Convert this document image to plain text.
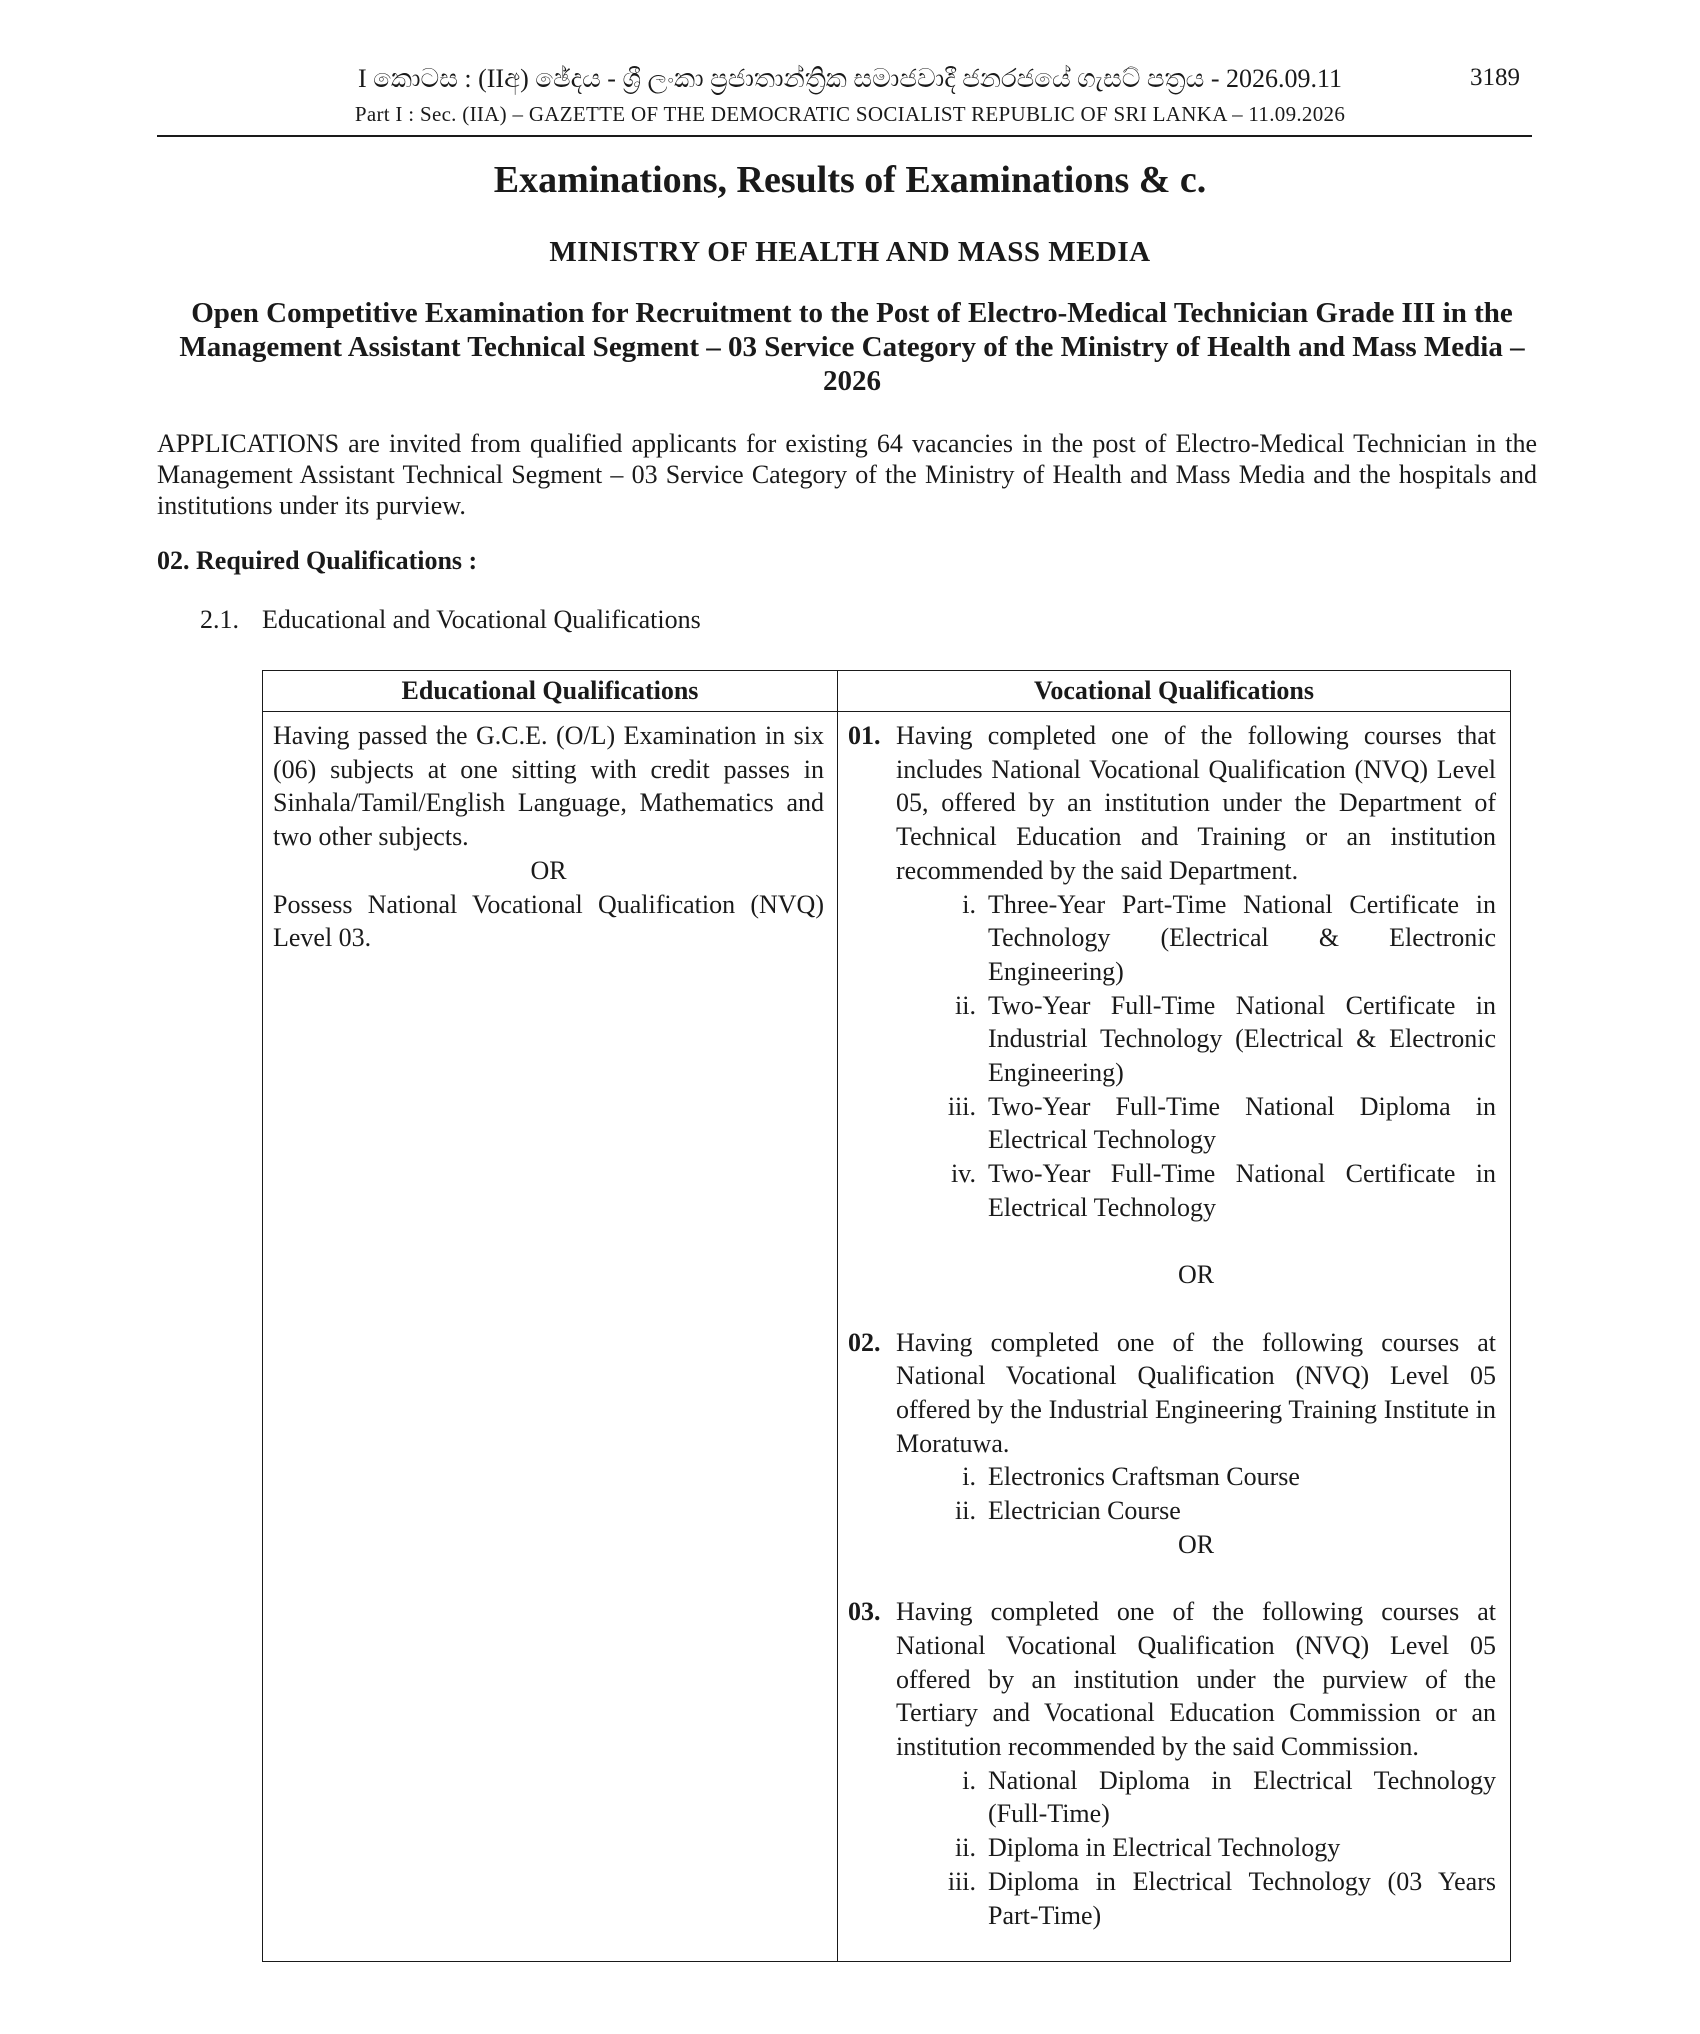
I කොටස : (IIඅ) ඡේදය - ශ්‍රී ලංකා ප්‍රජාතාන්ත්‍රික සමාජවාදී ජනරජයේ ගැසට් පත්‍රය - 2026.09.11
Part I : Sec. (IIA) – GAZETTE OF THE DEMOCRATIC SOCIALIST REPUBLIC OF SRI LANKA – 11.09.2026
3189
Examinations, Results of Examinations & c.
MINISTRY OF HEALTH AND MASS MEDIA
Open Competitive Examination for Recruitment to the Post of Electro-Medical Technician Grade III in the Management Assistant Technical Segment – 03 Service Category of the Ministry of Health and Mass Media – 2026
APPLICATIONS are invited from qualified applicants for existing 64 vacancies in the post of Electro-Medical Technician in the Management Assistant Technical Segment – 03 Service Category of the Ministry of Health and Mass Media and the hospitals and institutions under its purview.
02. Required Qualifications :
2.1. Educational and Vocational Qualifications
Educational Qualifications	Vocational Qualifications
Having passed the G.C.E. (O/L) Examination in six (06) subjects at one sitting with credit passes in Sinhala/Tamil/English Language, Mathematics and two other subjects.
OR
Possess National Vocational Qualification (NVQ) Level 03.
01. Having completed one of the following courses that includes National Vocational Qualification (NVQ) Level 05, offered by an institution under the Department of Technical Education and Training or an institution recommended by the said Department.
i. Three-Year Part-Time National Certificate in Technology (Electrical & Electronic Engineering)
ii. Two-Year Full-Time National Certificate in Industrial Technology (Electrical & Electronic Engineering)
iii. Two-Year Full-Time National Diploma in Electrical Technology
iv. Two-Year Full-Time National Certificate in Electrical Technology
OR
02. Having completed one of the following courses at National Vocational Qualification (NVQ) Level 05 offered by the Industrial Engineering Training Institute in Moratuwa.
i. Electronics Craftsman Course
ii. Electrician Course
OR
03. Having completed one of the following courses at National Vocational Qualification (NVQ) Level 05 offered by an institution under the purview of the Tertiary and Vocational Education Commission or an institution recommended by the said Commission.
i. National Diploma in Electrical Technology (Full-Time)
ii. Diploma in Electrical Technology
iii. Diploma in Electrical Technology (03 Years Part-Time)
